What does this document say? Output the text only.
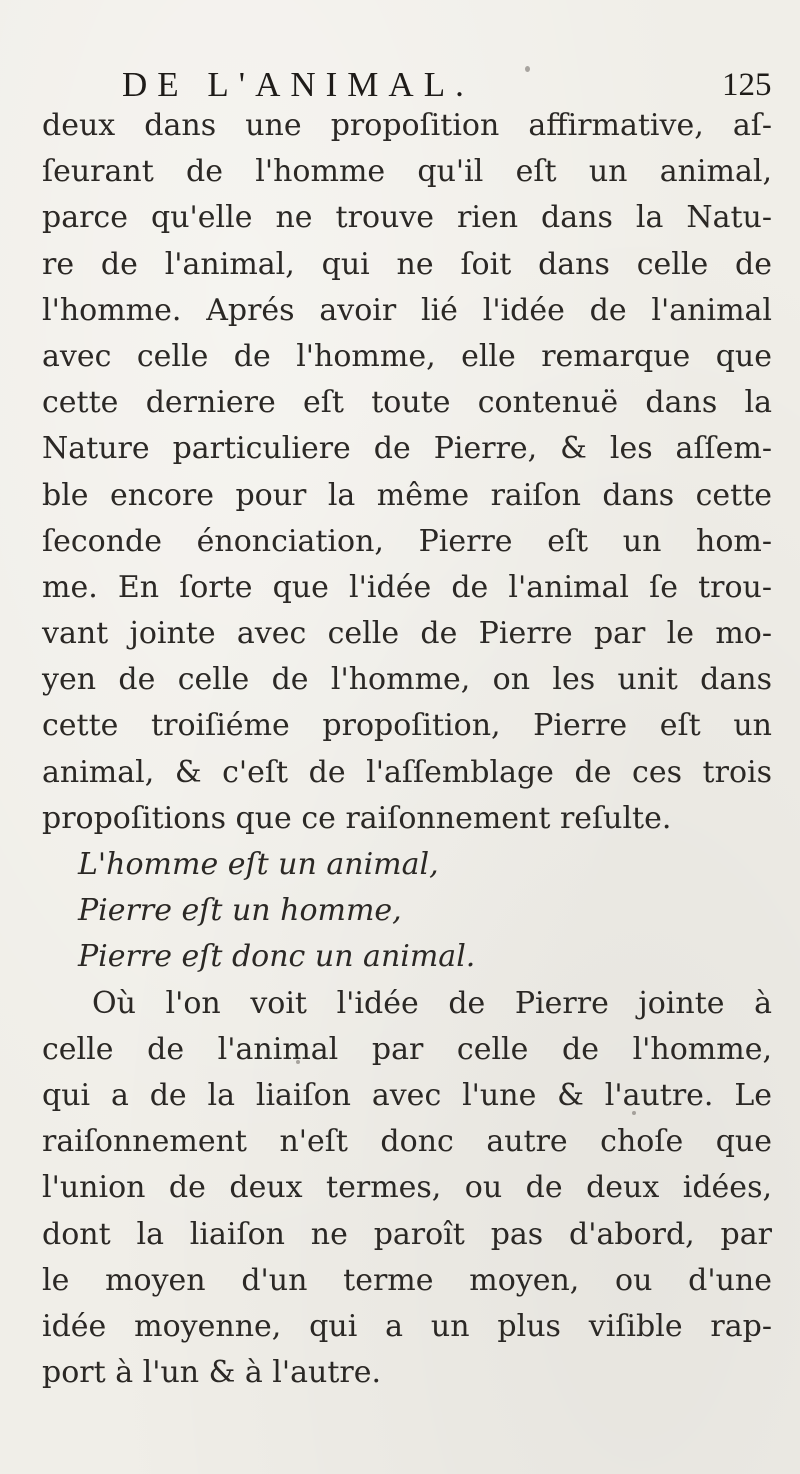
DE L'ANIMAL.	125
deux dans une propoſition affirmative, aſ-
ſeurant de l'homme qu'il eſt un animal,
parce qu'elle ne trouve rien dans la Natu-
re de l'animal, qui ne ſoit dans celle de
l'homme. Aprés avoir lié l'idée de l'animal
avec celle de l'homme, elle remarque que
cette derniere eſt toute contenuë dans la
Nature particuliere de Pierre, & les aſſem-
ble encore pour la même raiſon dans cette
ſeconde énonciation, Pierre eſt un hom-
me. En ſorte que l'idée de l'animal ſe trou-
vant jointe avec celle de Pierre par le mo-
yen de celle de l'homme, on les unit dans
cette troiſiéme propoſition, Pierre eſt un
animal, & c'eſt de l'aſſemblage de ces trois
propoſitions que ce raiſonnement reſulte.
L'homme eſt un animal,
Pierre eſt un homme,
Pierre eſt donc un animal.
Où l'on voit l'idée de Pierre jointe à
celle de l'animal par celle de l'homme,
qui a de la liaiſon avec l'une & l'autre. Le
raiſonnement n'eſt donc autre choſe que
l'union de deux termes, ou de deux idées,
dont la liaiſon ne paroît pas d'abord, par
le moyen d'un terme moyen, ou d'une
idée moyenne, qui a un plus viſible rap-
port à l'un & à l'autre.
